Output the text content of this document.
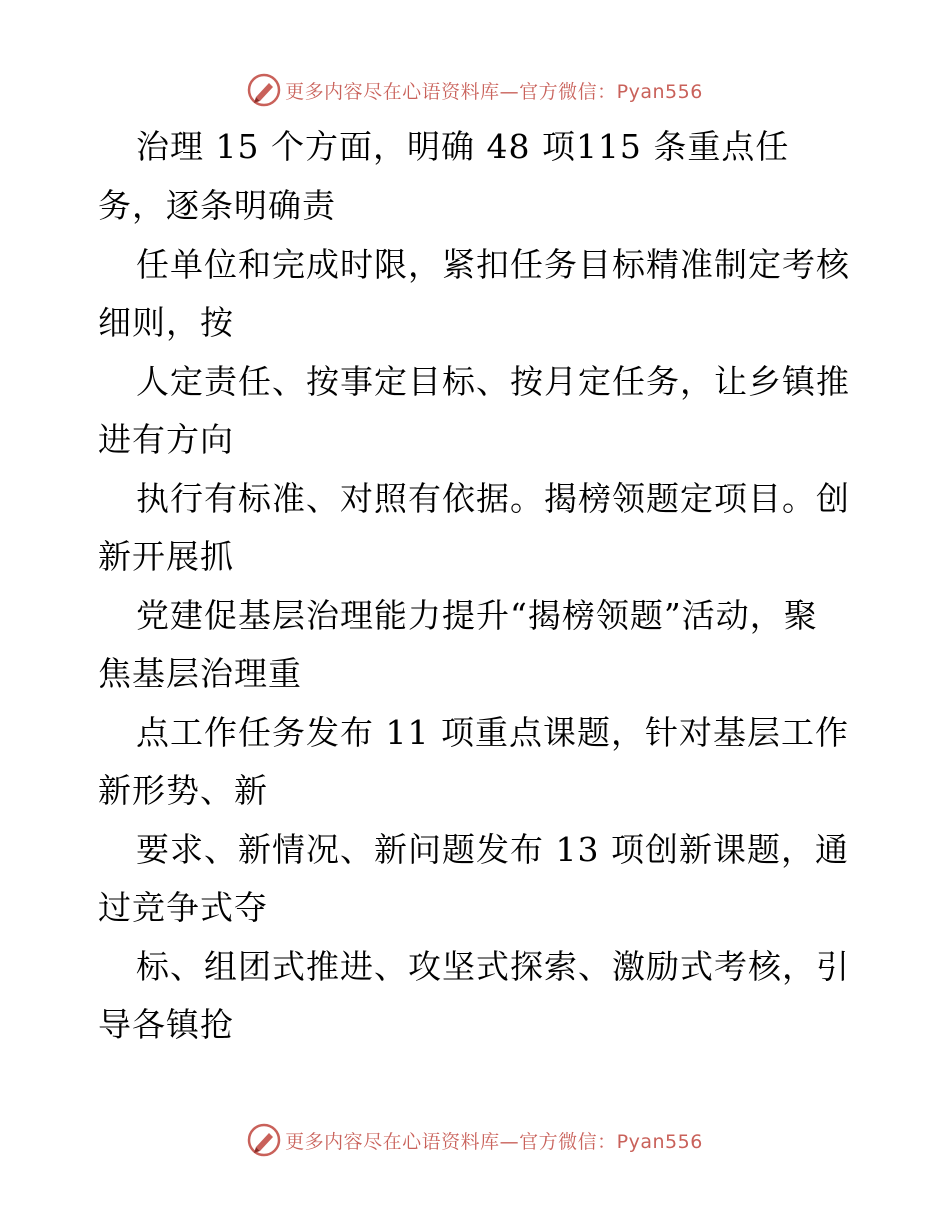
更多内容尽在心语资料库—官方微信：Pyan556
治理 15 个方面，明确 48 项115 条重点任
务，逐条明确责
任单位和完成时限，紧扣任务目标精准制定考核
细则，按
人定责任、按事定目标、按月定任务，让乡镇推
进有方向
执行有标准、对照有依据。揭榜领题定项目。创
新开展抓
党建促基层治理能力提升“揭榜领题”活动，聚
焦基层治理重
点工作任务发布 11 项重点课题，针对基层工作
新形势、新
要求、新情况、新问题发布 13 项创新课题，通
过竞争式夺
标、组团式推进、攻坚式探索、激励式考核，引
导各镇抢
更多内容尽在心语资料库—官方微信：Pyan556
